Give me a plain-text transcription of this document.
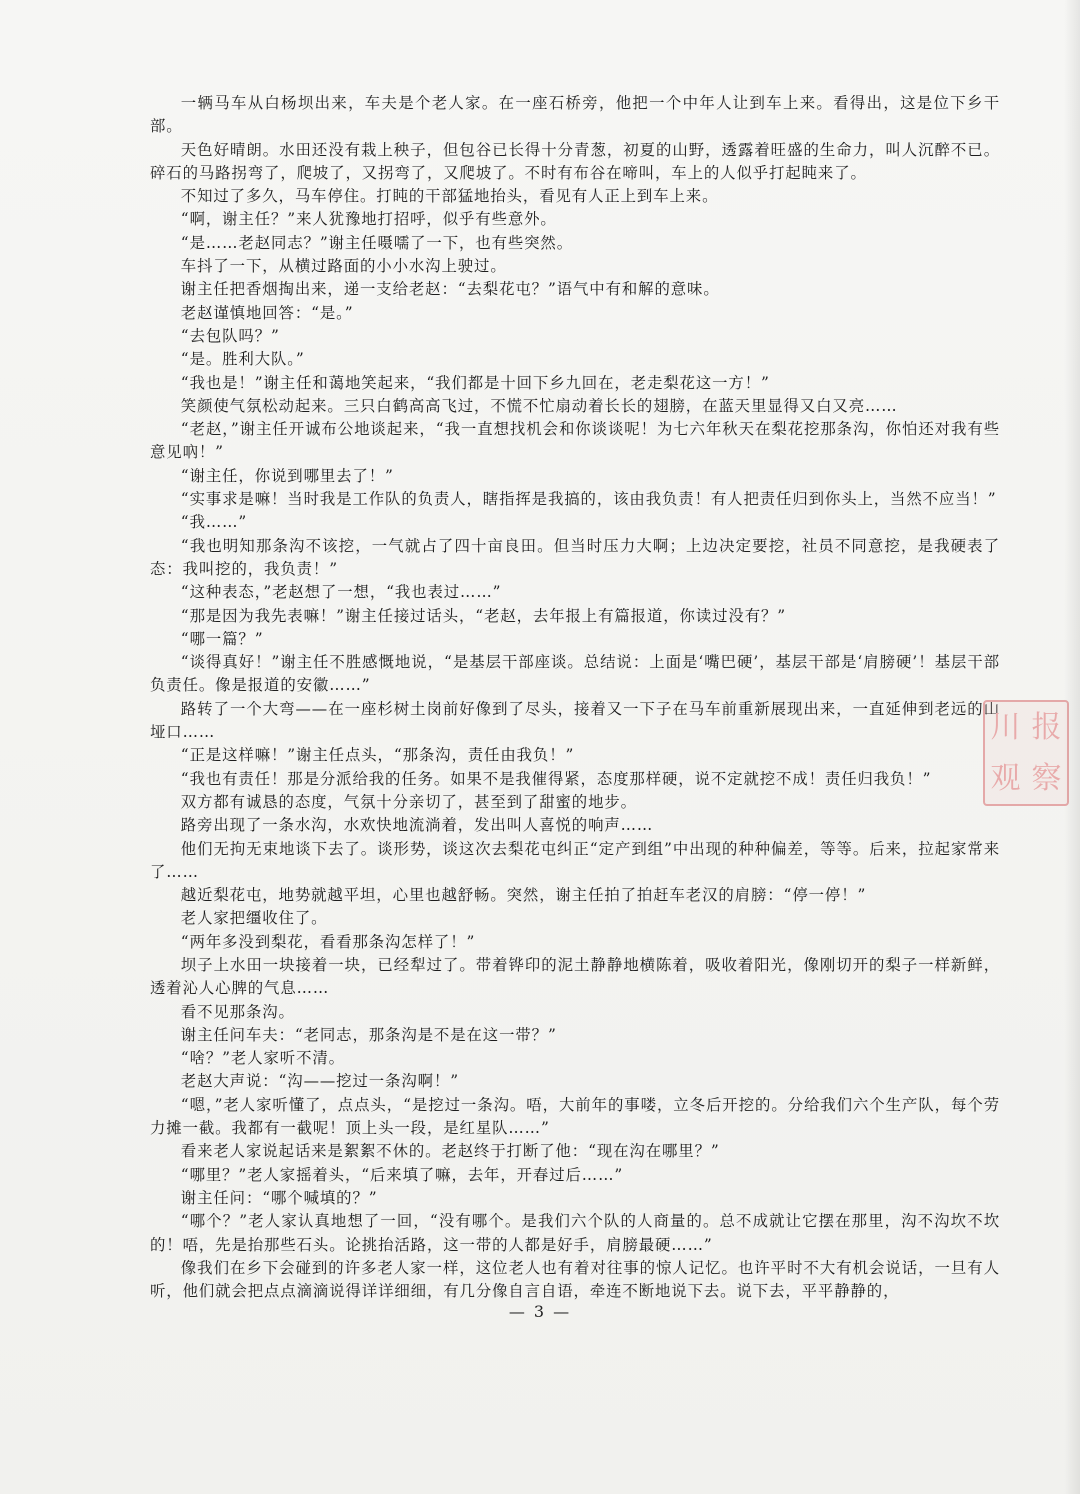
一辆马车从白杨坝出来，车夫是个老人家。在一座石桥旁，他把一个中年人让到车上来。看得出，这是位下乡干部。

天色好晴朗。水田还没有栽上秧子，但包谷已长得十分青葱，初夏的山野，透露着旺盛的生命力，叫人沉醉不已。碎石的马路拐弯了，爬坡了，又拐弯了，又爬坡了。不时有布谷在啼叫，车上的人似乎打起盹来了。

不知过了多久，马车停住。打盹的干部猛地抬头，看见有人正上到车上来。

“啊，谢主任？”来人犹豫地打招呼，似乎有些意外。

“是……老赵同志？”谢主任嗫嚅了一下，也有些突然。

车抖了一下，从横过路面的小小水沟上驶过。

谢主任把香烟掏出来，递一支给老赵：“去梨花屯？”语气中有和解的意味。

老赵谨慎地回答：“是。”

“去包队吗？”

“是。胜利大队。”

“我也是！”谢主任和蔼地笑起来，“我们都是十回下乡九回在，老走梨花这一方！”

笑颜使气氛松动起来。三只白鹤高高飞过，不慌不忙扇动着长长的翅膀，在蓝天里显得又白又亮……

“老赵，”谢主任开诚布公地谈起来，“我一直想找机会和你谈谈呢！为七六年秋天在梨花挖那条沟，你怕还对我有些意见吶！”

“谢主任，你说到哪里去了！”

“实事求是嘛！当时我是工作队的负责人，瞎指挥是我搞的，该由我负责！有人把责任归到你头上，当然不应当！”

“我……”

“我也明知那条沟不该挖，一气就占了四十亩良田。但当时压力大啊；上边决定要挖，社员不同意挖，是我硬表了态：我叫挖的，我负责！”

“这种表态，”老赵想了一想，“我也表过……”

“那是因为我先表嘛！”谢主任接过话头，“老赵，去年报上有篇报道，你读过没有？”

“哪一篇？”

“谈得真好！”谢主任不胜感慨地说，“是基层干部座谈。总结说：上面是‘嘴巴硬’，基层干部是‘肩膀硬’！基层干部负责任。像是报道的安徽……”

路转了一个大弯——在一座杉树土岗前好像到了尽头，接着又一下子在马车前重新展现出来，一直延伸到老远的山垭口……

“正是这样嘛！”谢主任点头，“那条沟，责任由我负！”

“我也有责任！那是分派给我的任务。如果不是我催得紧，态度那样硬，说不定就挖不成！责任归我负！”

双方都有诚恳的态度，气氛十分亲切了，甚至到了甜蜜的地步。

路旁出现了一条水沟，水欢快地流淌着，发出叫人喜悦的响声……

他们无拘无束地谈下去了。谈形势，谈这次去梨花屯纠正“定产到组”中出现的种种偏差，等等。后来，拉起家常来了……

越近梨花屯，地势就越平坦，心里也越舒畅。突然，谢主任拍了拍赶车老汉的肩膀：“停一停！”

老人家把缰收住了。

“两年多没到梨花，看看那条沟怎样了！”

坝子上水田一块接着一块，已经犁过了。带着铧印的泥土静静地横陈着，吸收着阳光，像刚切开的梨子一样新鲜，透着沁人心脾的气息……

看不见那条沟。

谢主任问车夫：“老同志，那条沟是不是在这一带？”

“啥？”老人家听不清。

老赵大声说：“沟——挖过一条沟啊！”

“嗯，”老人家听懂了，点点头，“是挖过一条沟。唔，大前年的事喽，立冬后开挖的。分给我们六个生产队，每个劳力摊一截。我都有一截呢！顶上头一段，是红星队……”

看来老人家说起话来是絮絮不休的。老赵终于打断了他：“现在沟在哪里？”

“哪里？”老人家摇着头，“后来填了嘛，去年，开春过后……”

谢主任问：“哪个喊填的？”

“哪个？”老人家认真地想了一回，“没有哪个。是我们六个队的人商量的。总不成就让它摆在那里，沟不沟坎不坎的！唔，先是抬那些石头。论挑抬活路，这一带的人都是好手，肩膀最硬……”

像我们在乡下会碰到的许多老人家一样，这位老人也有着对往事的惊人记忆。也许平时不大有机会说话，一旦有人听，他们就会把点点滴滴说得详详细细，有几分像自言自语，牵连不断地说下去。说下去，平平静静的，

— 3 —
川 报
观 察
